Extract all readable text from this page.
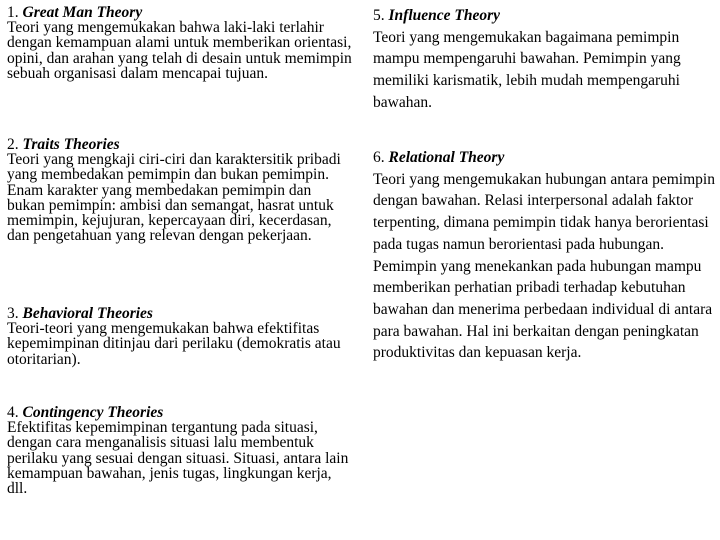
1. Great Man Theory

Teori yang mengemukakan bahwa laki-laki terlahir dengan kemampuan alami untuk memberikan orientasi, opini, dan arahan yang telah di desain untuk memimpin sebuah organisasi dalam mencapai tujuan.

2. Traits Theories

Teori yang mengkaji ciri-ciri dan karaktersitik pribadi yang membedakan pemimpin dan bukan pemimpin. Enam karakter yang membedakan pemimpin dan bukan pemimpin: ambisi dan semangat, hasrat untuk memimpin, kejujuran, kepercayaan diri, kecerdasan, dan pengetahuan yang relevan dengan pekerjaan.

3. Behavioral Theories

Teori-teori yang mengemukakan bahwa efektifitas kepemimpinan ditinjau dari perilaku (demokratis atau otoritarian).

4. Contingency Theories

Efektifitas kepemimpinan tergantung pada situasi, dengan cara menganalisis situasi lalu membentuk perilaku yang sesuai dengan situasi. Situasi, antara lain kemampuan bawahan, jenis tugas, lingkungan kerja, dll.

5. Influence Theory

Teori yang mengemukakan bagaimana pemimpin mampu mempengaruhi bawahan. Pemimpin yang memiliki karismatik, lebih mudah mempengaruhi bawahan.

6. Relational Theory

Teori yang mengemukakan hubungan antara pemimpin dengan bawahan. Relasi interpersonal adalah faktor terpenting, dimana pemimpin tidak hanya berorientasi pada tugas namun berorientasi pada hubungan. Pemimpin yang menekankan pada hubungan mampu memberikan perhatian pribadi terhadap kebutuhan bawahan dan menerima perbedaan individual di antara para bawahan. Hal ini berkaitan dengan peningkatan produktivitas dan kepuasan kerja.
